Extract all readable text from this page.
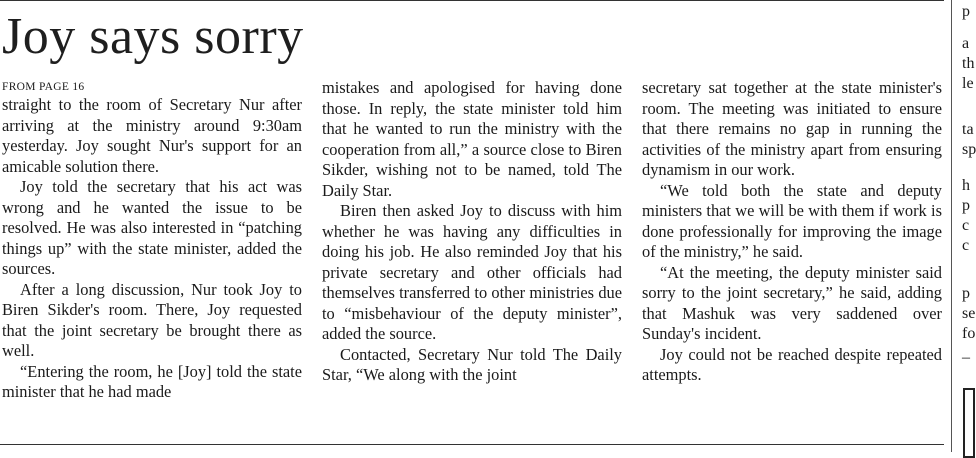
Joy says sorry
FROM PAGE 16

straight to the room of Secretary Nur after arriving at the ministry around 9:30am yesterday. Joy sought Nur's support for an amicable solution there.

Joy told the secretary that his act was wrong and he wanted the issue to be resolved. He was also interested in “patching things up” with the state minister, added the sources.

After a long discussion, Nur took Joy to Biren Sikder's room. There, Joy requested that the joint secretary be brought there as well.

“Entering the room, he [Joy] told the state minister that he had made

mistakes and apologised for having done those. In reply, the state minister told him that he wanted to run the ministry with the cooperation from all,” a source close to Biren Sikder, wishing not to be named, told The Daily Star.

Biren then asked Joy to discuss with him whether he was having any difficulties in doing his job. He also reminded Joy that his private secretary and other officials had themselves transferred to other ministries due to “misbehaviour of the deputy minister”, added the source.

Contacted, Secretary Nur told The Daily Star, “We along with the joint

secretary sat together at the state minister's room. The meeting was initiated to ensure that there remains no gap in running the activities of the ministry apart from ensuring dynamism in our work.

“We told both the state and deputy ministers that we will be with them if work is done professionally for improving the image of the ministry,” he said.

“At the meeting, the deputy minister said sorry to the joint secretary,” he said, adding that Mashuk was very saddened over Sunday's incident.

Joy could not be reached despite repeated attempts.

p
a
th
le
ta
sp
h
p
c
c
p
se
fo
–
